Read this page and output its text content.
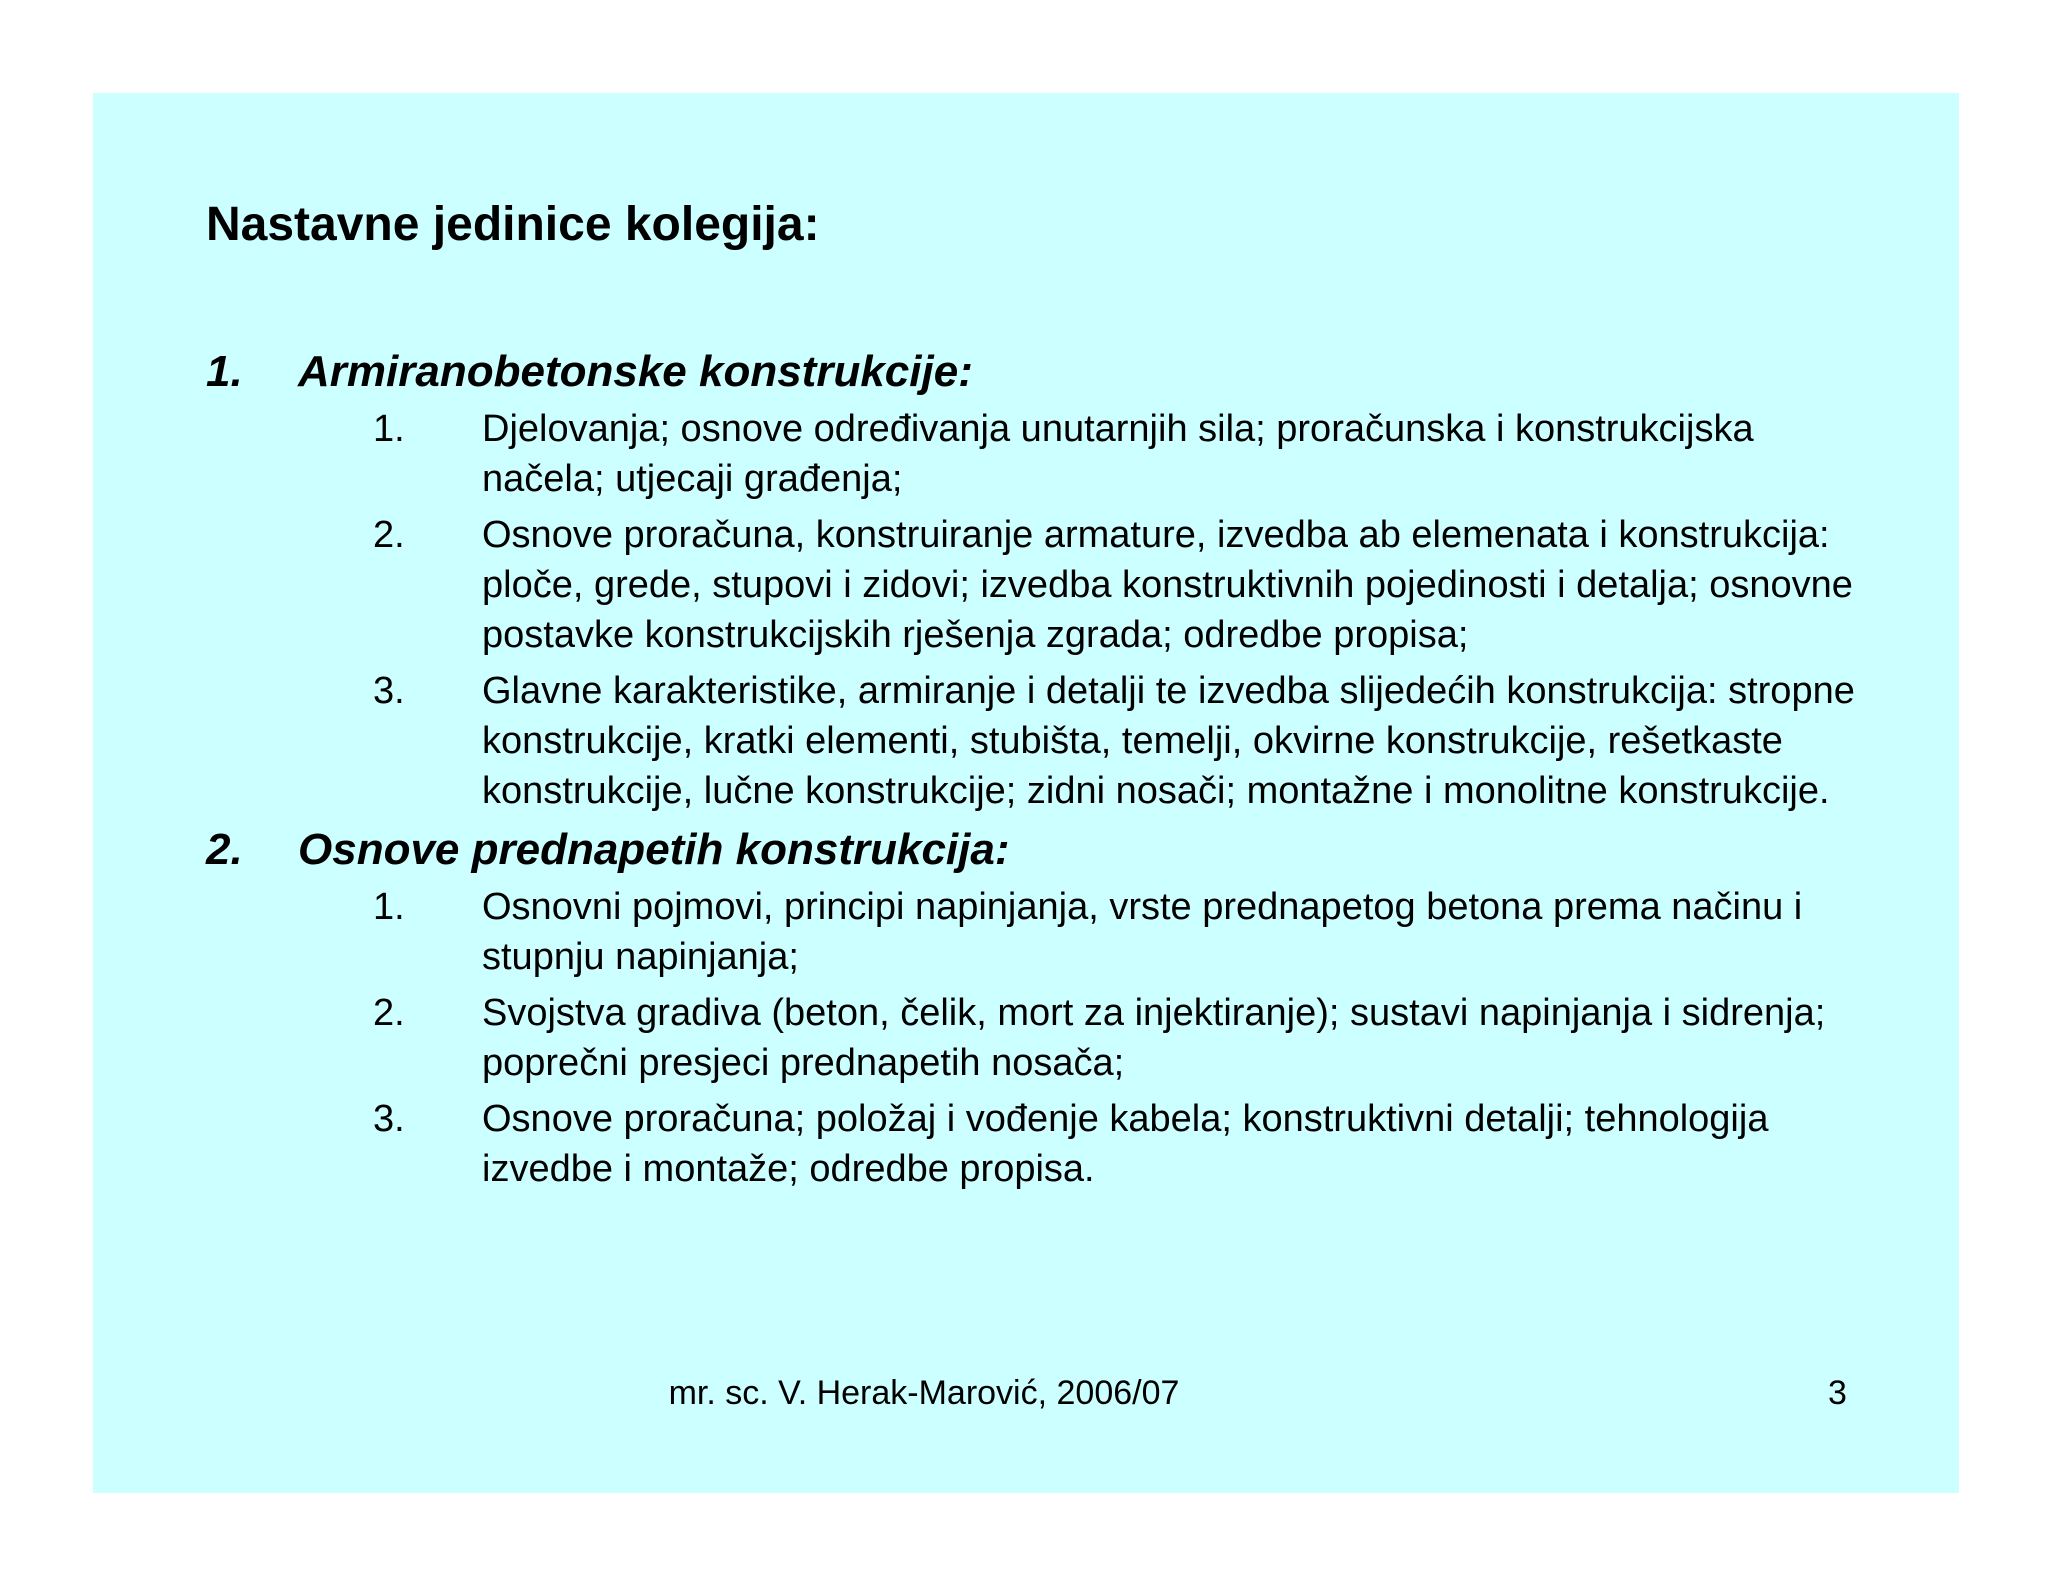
Nastavne jedinice kolegija:
1.	Armiranobetonske konstrukcije:
1.	Djelovanja; osnove određivanja unutarnjih sila; proračunska i konstrukcijska načela; utjecaji građenja;
2.	Osnove proračuna, konstruiranje armature, izvedba ab elemenata i konstrukcija: ploče, grede, stupovi i zidovi; izvedba konstruktivnih pojedinosti i detalja; osnovne postavke konstrukcijskih rješenja zgrada; odredbe propisa;
3.	Glavne karakteristike, armiranje i detalji te izvedba slijedećih konstrukcija: stropne konstrukcije, kratki elementi, stubišta, temelji, okvirne konstrukcije, rešetkaste konstrukcije, lučne konstrukcije; zidni nosači; montažne i monolitne konstrukcije.
2.	Osnove prednapetih konstrukcija:
1.	Osnovni pojmovi, principi napinjanja, vrste prednapetog betona prema načinu i stupnju napinjanja;
2.	Svojstva gradiva (beton, čelik, mort za injektiranje); sustavi napinjanja i sidrenja; poprečni presjeci prednapetih nosača;
3.	Osnove proračuna; položaj i vođenje kabela; konstruktivni detalji; tehnologija izvedbe i montaže; odredbe propisa.
mr. sc. V. Herak-Marović, 2006/07	3
